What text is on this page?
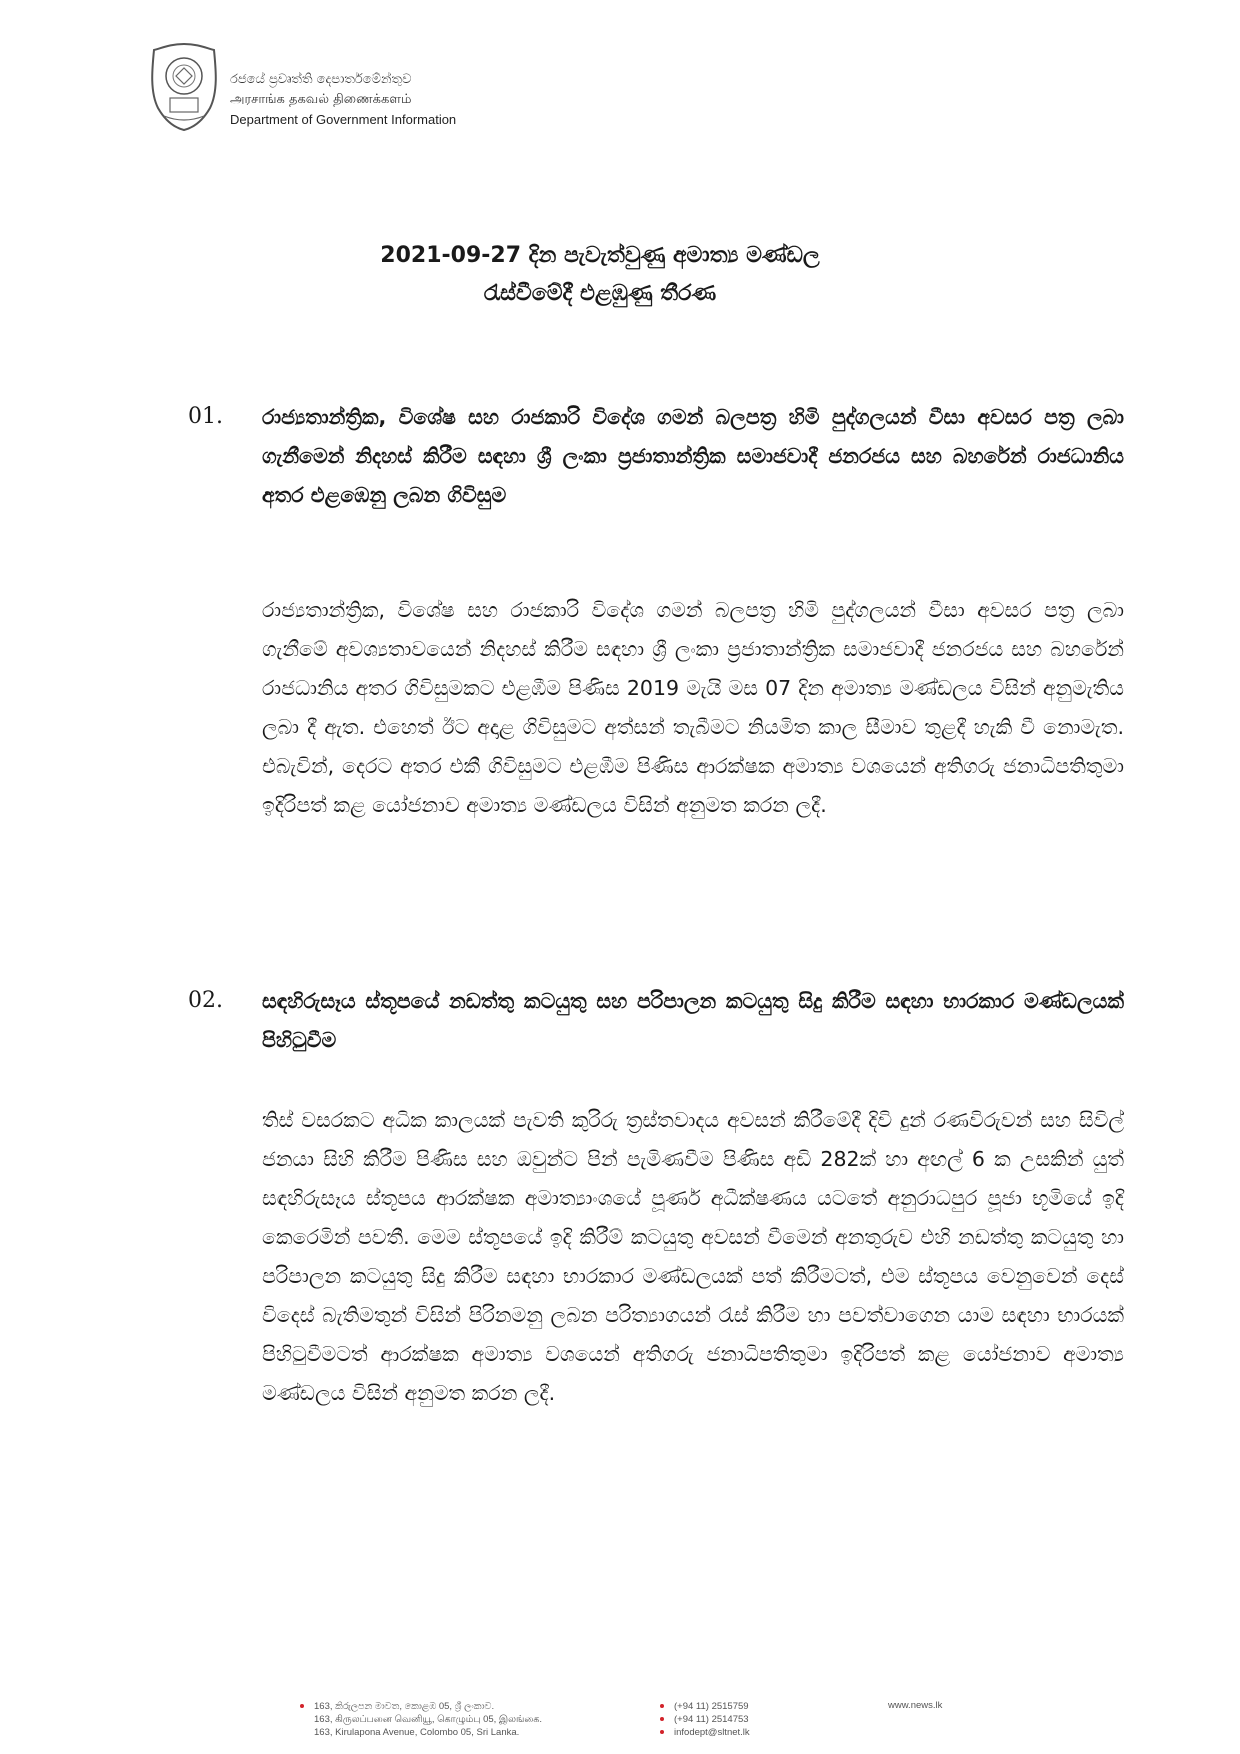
රජයේ ප්‍රවෘත්ති දෙපාර්තමේන්තුව
அரசாங்க தகவல் திணைக்களம்
Department of Government Information
2021-09-27 දින පැවැත්වුණු අමාත්‍ය මණ්ඩල
රැස්වීමේදී එළඹුණු තීරණ
01. රාජ්‍යතාන්ත්‍රික, විශේෂ සහ රාජකාරි විදේශ ගමන් බලපත්‍ර හිමි පුද්ගලයන් වීසා අවසර පත්‍ර ලබා ගැනීමෙන් නිදහස් කිරීම සඳහා ශ්‍රී ලංකා ප්‍රජාතාන්ත්‍රික සමාජවාදී ජනරජය සහ බහරේන් රාජධානිය අතර එළඹෙනු ලබන ගිවිසුම
රාජ්‍යතාන්ත්‍රික, විශේෂ සහ රාජකාරි විදේශ ගමන් බලපත්‍ර හිමි පුද්ගලයන් වීසා අවසර පත්‍ර ලබා ගැනීමේ අවශ්‍යතාවයෙන් නිදහස් කිරීම සඳහා ශ්‍රී ලංකා ප්‍රජාතාන්ත්‍රික සමාජවාදී ජනරජය සහ බහරේන් රාජධානිය අතර ගිවිසුමකට එළඹීම පිණිස 2019 මැයි මස 07 දින අමාත්‍ය මණ්ඩලය විසින් අනුමැතිය ලබා දී ඇත. එහෙත් ඊට අදාළ ගිවිසුමට අත්සන් තැබීමට නියමිත කාල සීමාව තුළදී හැකි වී නොමැත. එබැවින්, දෙරට අතර එකී ගිවිසුමට එළඹීම පිණිස ආරක්ෂක අමාත්‍ය වශයෙන් අතිගරු ජනාධිපතිතුමා ඉදිරිපත් කළ යෝජනාව අමාත්‍ය මණ්ඩලය විසින් අනුමත කරන ලදී.
02. සඳහිරුසෑය ස්තූපයේ නඩත්තු කටයුතු සහ පරිපාලන කටයුතු සිදු කිරීම සඳහා භාරකාර මණ්ඩලයක් පිහිටුවීම
තිස් වසරකට අධික කාලයක් පැවති කුරිරු ත්‍රස්තවාදය අවසන් කිරීමේදී දිවි දුන් රණවිරුවන් සහ සිවිල් ජනයා සිහි කිරීම පිණිස සහ ඔවුන්ට පින් පැමිණවීම පිණිස අඩි 282ක් හා අඟල් 6 ක උසකින් යුත් සඳහිරුසෑය ස්තූපය ආරක්ෂක අමාත්‍යාංශයේ පූර්ණ අධීක්ෂණය යටතේ අනුරාධපුර පූජා භූමියේ ඉදි කෙරෙමින් පවතී. මෙම ස්තූපයේ ඉදි කිරීම් කටයුතු අවසන් වීමෙන් අනතුරුව එහි නඩත්තු කටයුතු හා පරිපාලන කටයුතු සිදු කිරීම සඳහා භාරකාර මණ්ඩලයක් පත් කිරීමටත්, එම ස්තූපය වෙනුවෙන් දෙස් විදෙස් බැතිමතුන් විසින් පිරිනමනු ලබන පරිත්‍යාගයන් රැස් කිරීම හා පවත්වාගෙන යාම සඳහා භාරයක් පිහිටුවීමටත් ආරක්ෂක අමාත්‍ය වශයෙන් අතිගරු ජනාධිපතිතුමා ඉදිරිපත් කළ යෝජනාව අමාත්‍ය මණ්ඩලය විසින් අනුමත කරන ලදී.
163, කිරුලපන මාවත, කොළඹ 05, ශ්‍රී ලංකාව.
163, கிருலப்பனை வெனியூ, கொழும்பு 05, இலங்கை.
163, Kirulapona Avenue, Colombo 05, Sri Lanka.
(+94 11) 2515759
(+94 11) 2514753
infodept@sltnet.lk
www.news.lk
